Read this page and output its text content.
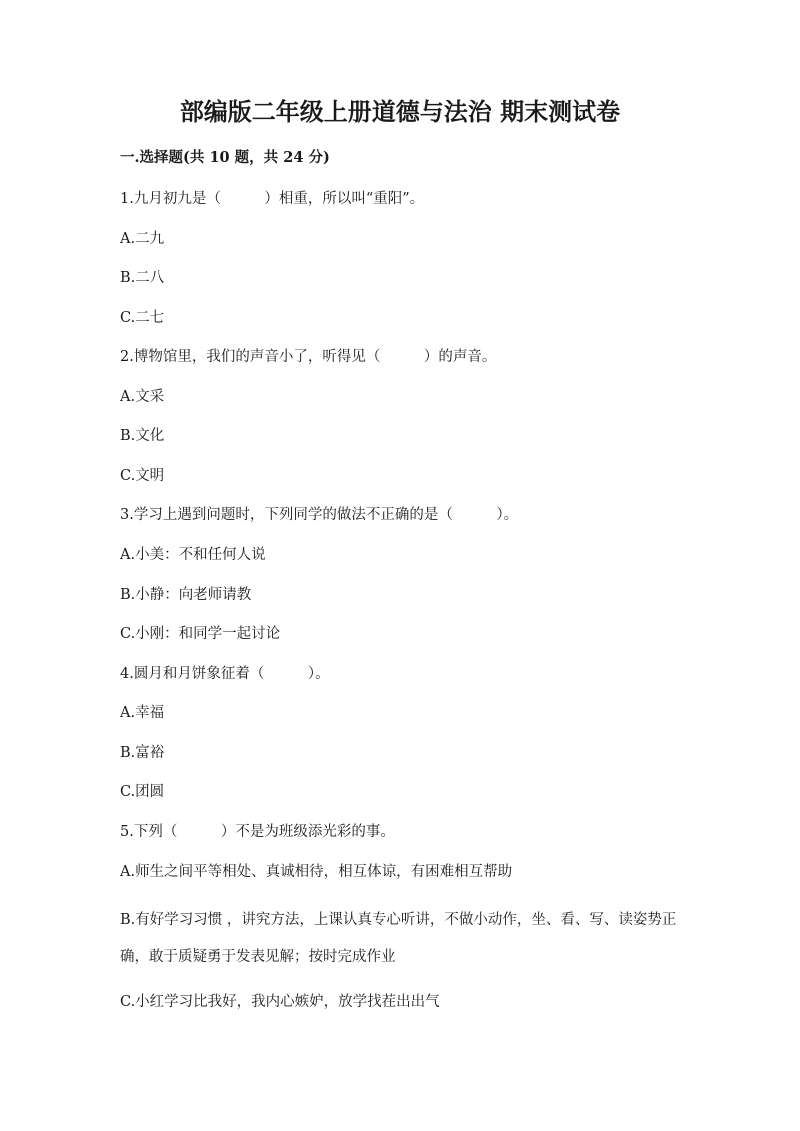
部编版二年级上册道德与法治 期末测试卷
一.选择题(共 10 题，共 24 分)
1.九月初九是（　　　）相重，所以叫“重阳”。
A.二九
B.二八
C.二七
2.博物馆里，我们的声音小了，听得见（　　　）的声音。
A.文采
B.文化
C.文明
3.学习上遇到问题时，下列同学的做法不正确的是（　　　）。
A.小美：不和任何人说
B.小静：向老师请教
C.小刚：和同学一起讨论
4.圆月和月饼象征着（　　　）。
A.幸福
B.富裕
C.团圆
5.下列（　　　）不是为班级添光彩的事。
A.师生之间平等相处、真诚相待，相互体谅，有困难相互帮助
B.有好学习习惯 ，讲究方法，上课认真专心听讲，不做小动作，坐、看、写、读姿势正确，敢于质疑勇于发表见解；按时完成作业
C.小红学习比我好，我内心嫉妒，放学找茬出出气
